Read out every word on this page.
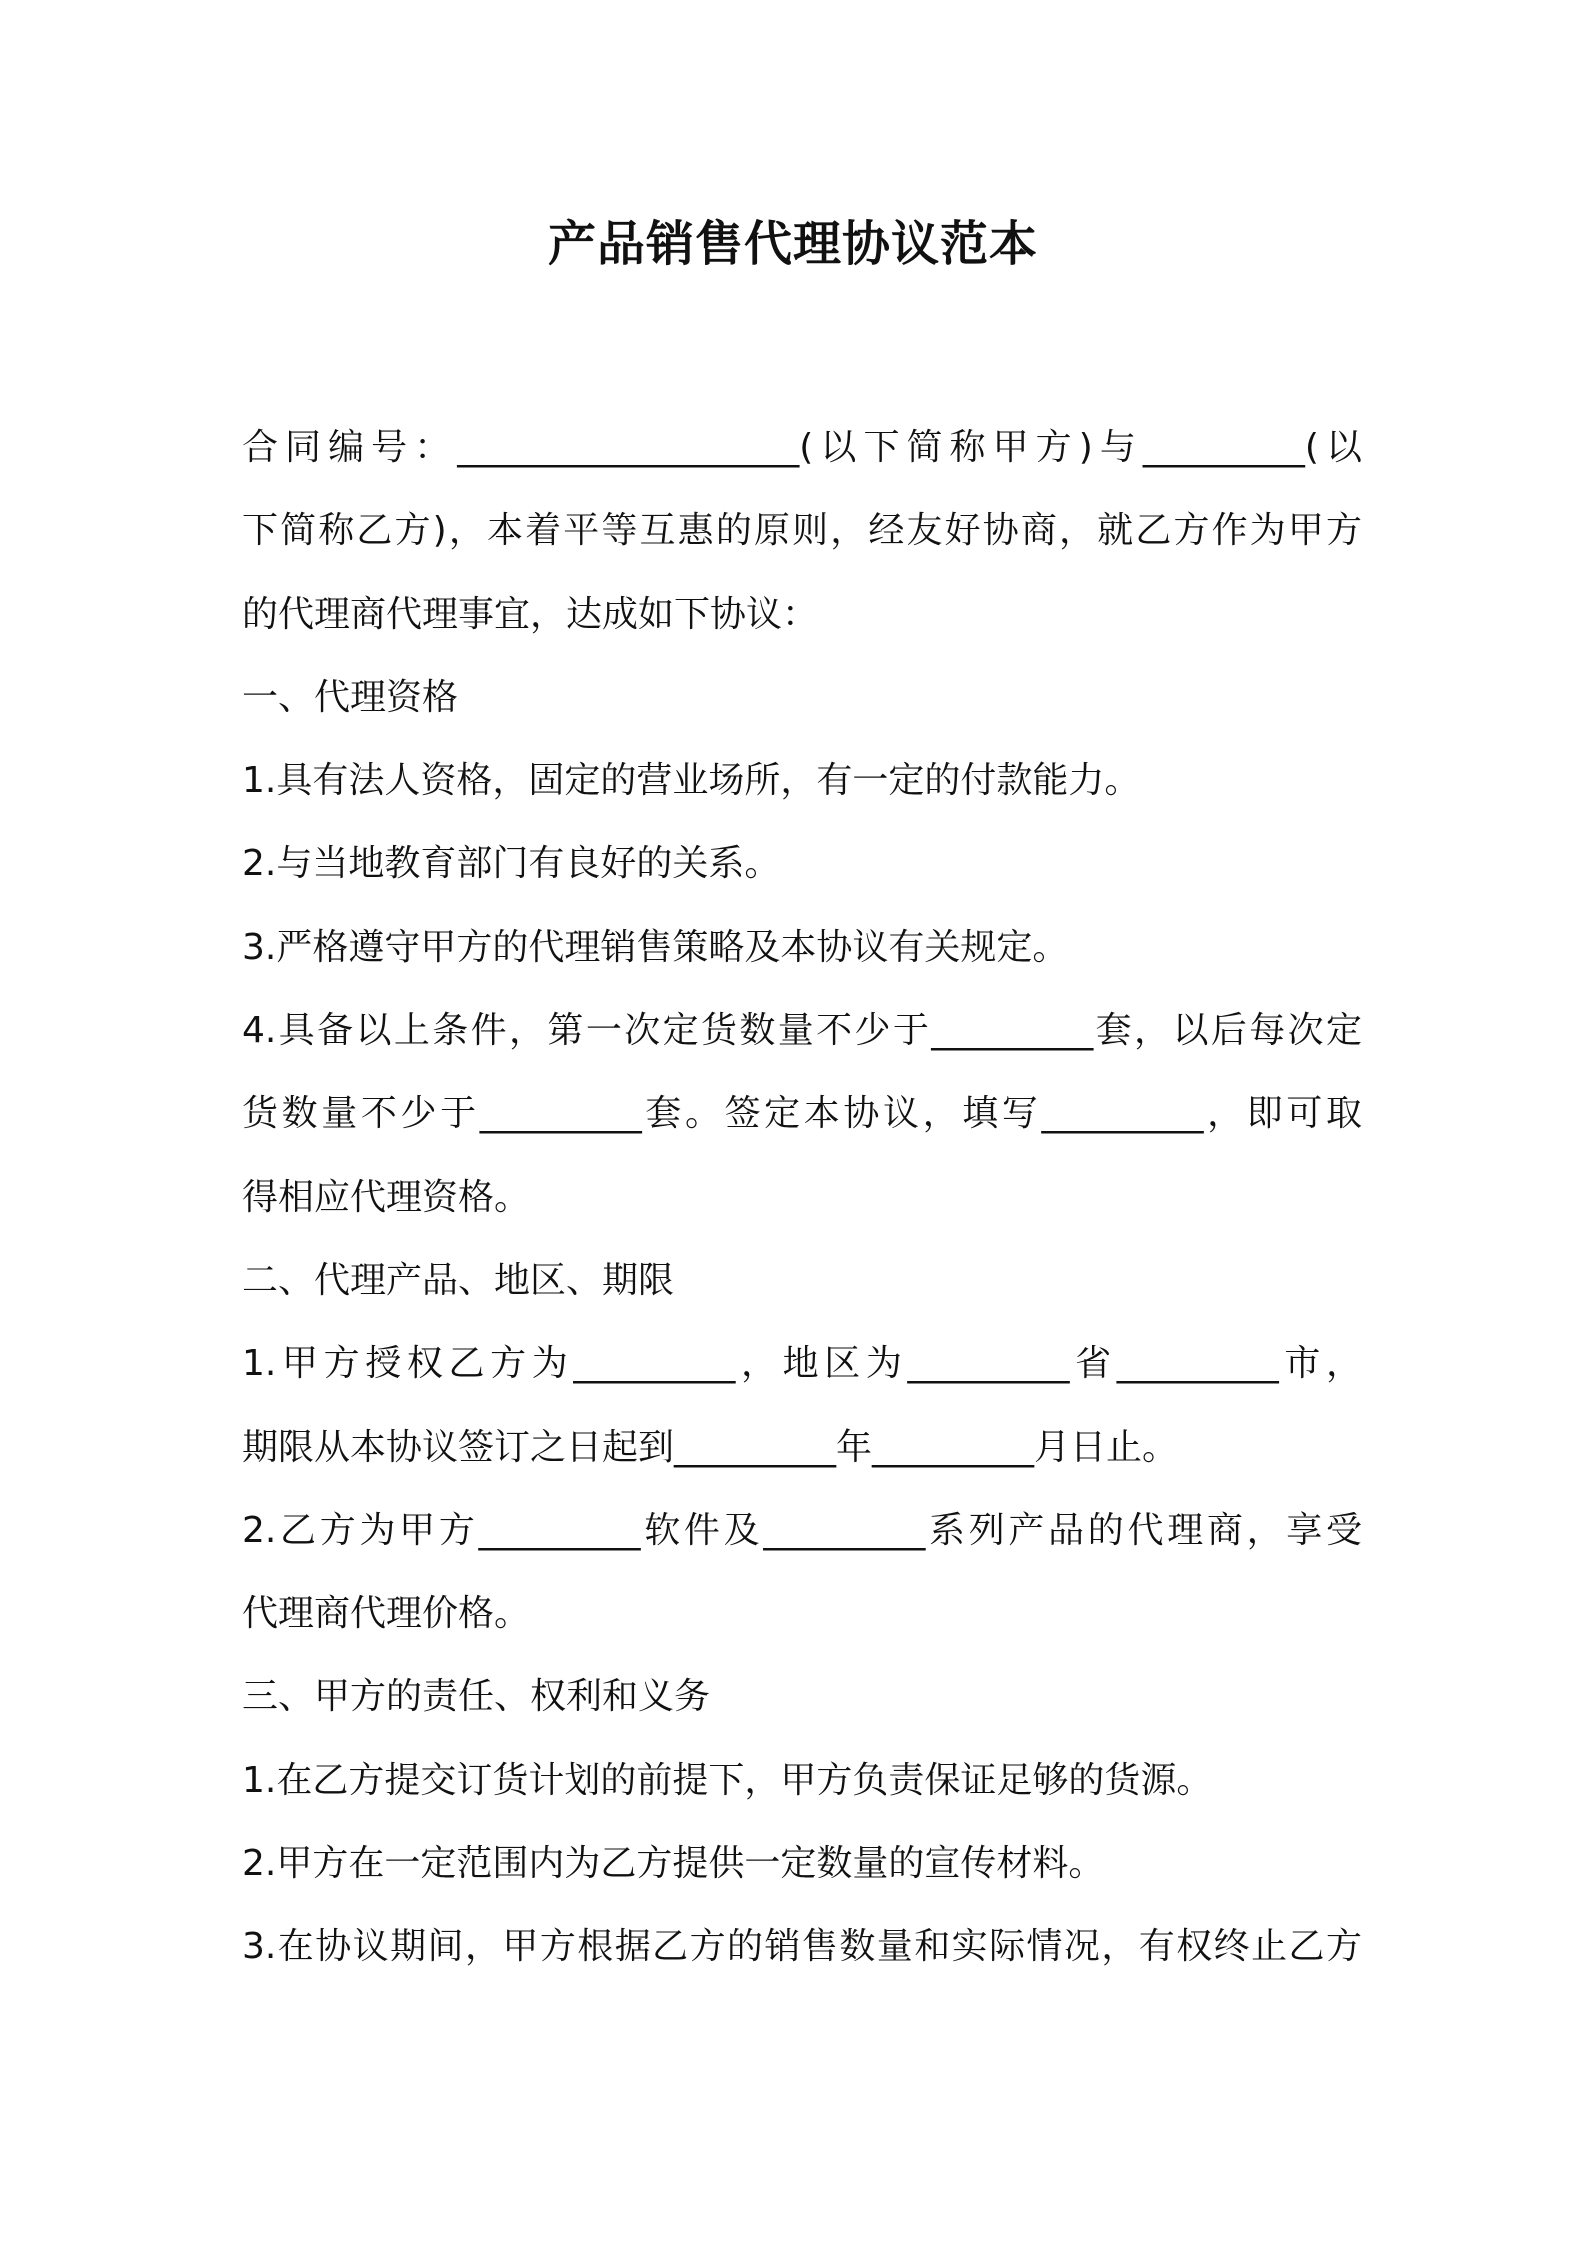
产品销售代理协议范本
合同编号：___________________(以下简称甲方)与_________(以
下简称乙方)，本着平等互惠的原则，经友好协商，就乙方作为甲方
的代理商代理事宜，达成如下协议：
一、代理资格
1.具有法人资格，固定的营业场所，有一定的付款能力。
2.与当地教育部门有良好的关系。
3.严格遵守甲方的代理销售策略及本协议有关规定。
4.具备以上条件，第一次定货数量不少于_________套，以后每次定
货数量不少于_________套。签定本协议，填写_________，即可取
得相应代理资格。
二、代理产品、地区、期限
1.甲方授权乙方为_________，地区为_________省_________市，
期限从本协议签订之日起到_________年_________月日止。
2.乙方为甲方_________软件及_________系列产品的代理商，享受
代理商代理价格。
三、甲方的责任、权利和义务
1.在乙方提交订货计划的前提下，甲方负责保证足够的货源。
2.甲方在一定范围内为乙方提供一定数量的宣传材料。
3.在协议期间，甲方根据乙方的销售数量和实际情况，有权终止乙方
